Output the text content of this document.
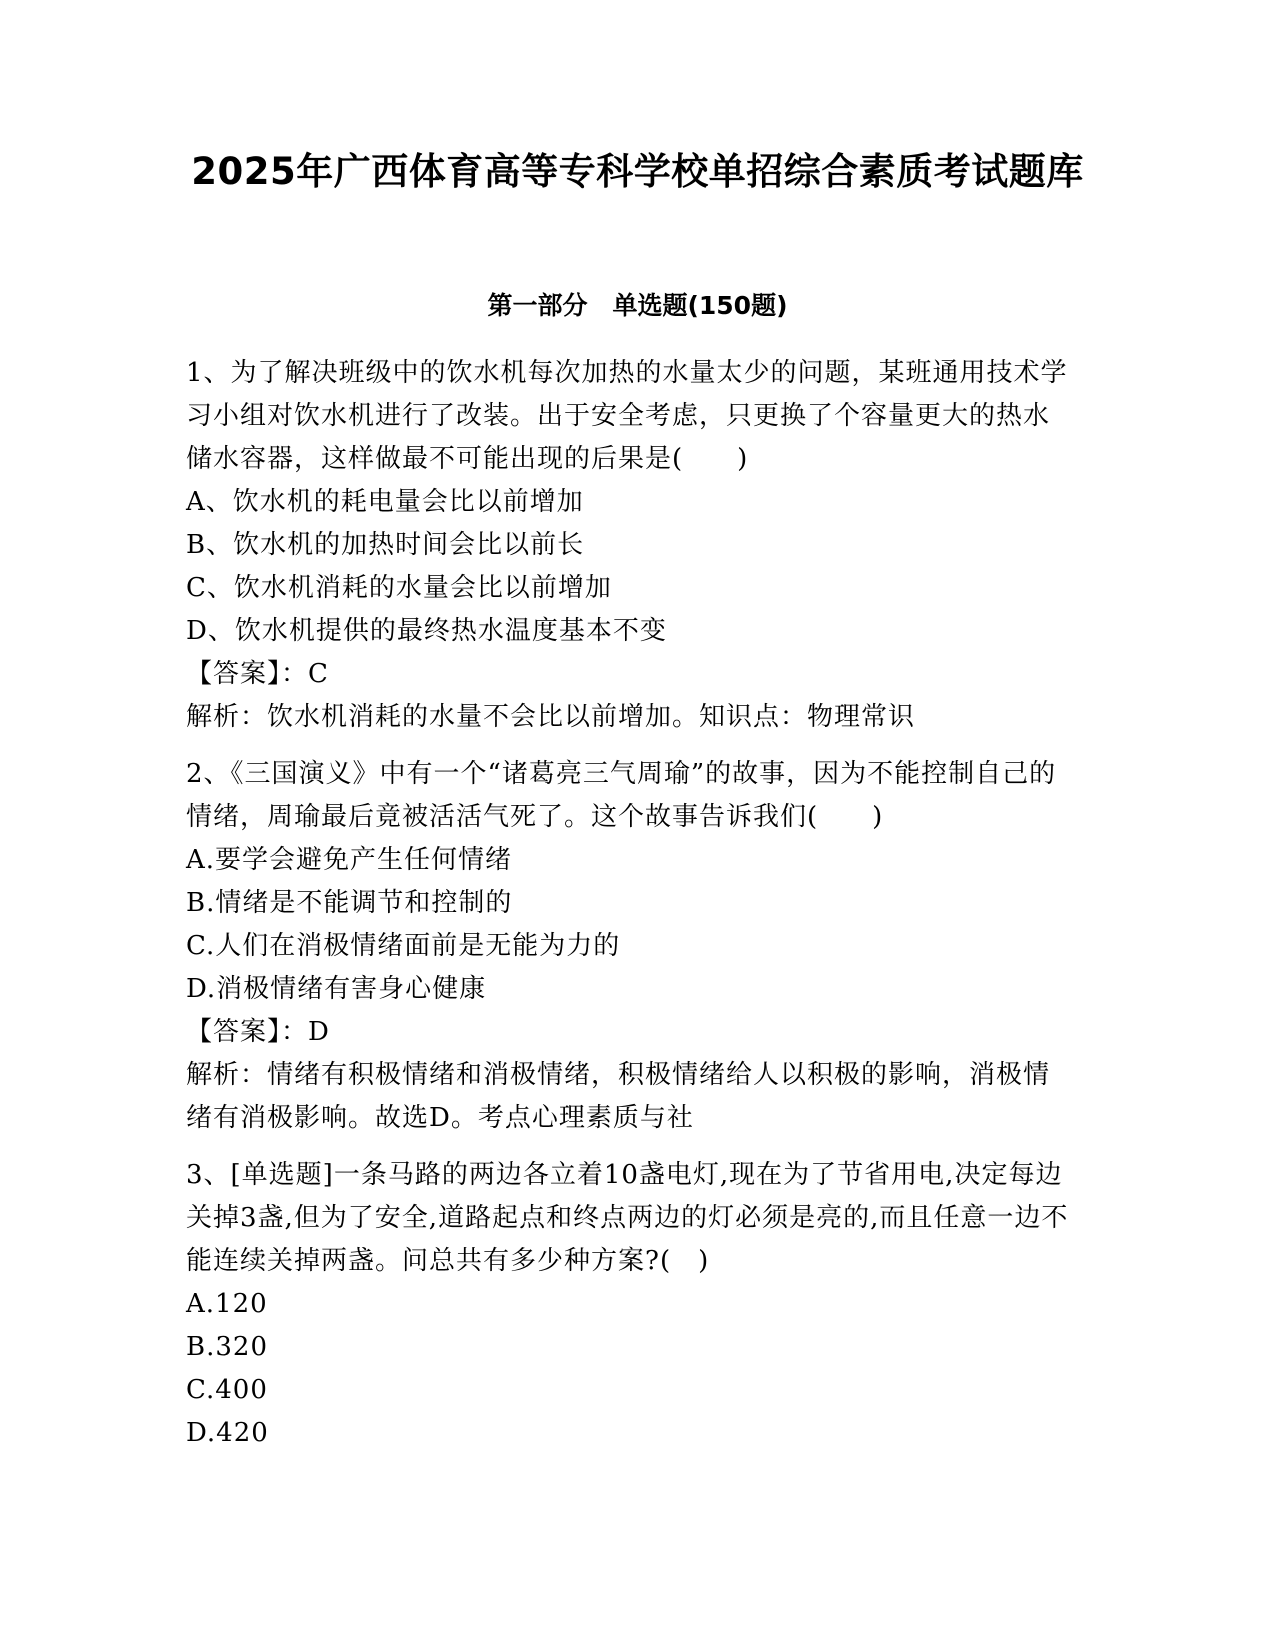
2025年广西体育高等专科学校单招综合素质考试题库
第一部分　单选题(150题)

1、为了解决班级中的饮水机每次加热的水量太少的问题，某班通用技术学习小组对饮水机进行了改装。出于安全考虑，只更换了个容量更大的热水储水容器，这样做最不可能出现的后果是(　　)

A、饮水机的耗电量会比以前增加

B、饮水机的加热时间会比以前长

C、饮水机消耗的水量会比以前增加

D、饮水机提供的最终热水温度基本不变

【答案】：C

解析：饮水机消耗的水量不会比以前增加。知识点：物理常识

2、《三国演义》中有一个“诸葛亮三气周瑜”的故事，因为不能控制自己的情绪，周瑜最后竟被活活气死了。这个故事告诉我们(　　)

A.要学会避免产生任何情绪

B.情绪是不能调节和控制的

C.人们在消极情绪面前是无能为力的

D.消极情绪有害身心健康

【答案】：D

解析：情绪有积极情绪和消极情绪，积极情绪给人以积极的影响，消极情绪有消极影响。故选D。考点心理素质与社

3、[单选题]一条马路的两边各立着10盏电灯,现在为了节省用电,决定每边关掉3盏,但为了安全,道路起点和终点两边的灯必须是亮的,而且任意一边不能连续关掉两盏。问总共有多少种方案?(　)

A.120

B.320

C.400

D.420
